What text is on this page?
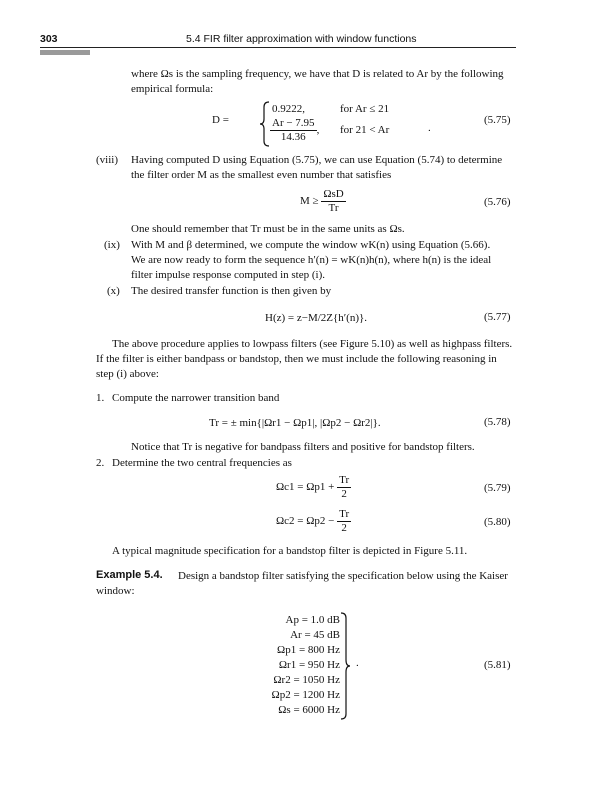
303	5.4 FIR filter approximation with window functions
where Ωs is the sampling frequency, we have that D is related to Ar by the following
empirical formula:
D =
0.9222,	for Ar ≤ 21
$\frac{Ar - 7.95}{14.36}$ , for 21 < Ar	.
(5.75)
(viii) Having computed D using Equation (5.75), we can use Equation (5.74) to determine
the filter order M as the smallest even number that satisfies
$M \ge \frac{\text{ΩsD}}{Tr}$	(5.76)
One should remember that Tr must be in the same units as Ωs.
(ix) With M and β determined, we compute the window wK(n) using Equation (5.66).
We are now ready to form the sequence h′(n) = wK(n)h(n), where h(n) is the ideal
filter impulse response computed in step (i).
(x) The desired transfer function is then given by
H(z) = z−M/2Z{h′(n)}.	(5.77)
The above procedure applies to lowpass filters (see Figure 5.10) as well as highpass filters.
If the filter is either bandpass or bandstop, then we must include the following reasoning in
step (i) above:
1. Compute the narrower transition band
Tr = ± min{|Ωr1 − Ωp1|, |Ωp2 − Ωr2|}.	(5.78)
Notice that Tr is negative for bandpass filters and positive for bandstop filters.
2. Determine the two central frequencies as
$\Omega c1 = \Omega p1 + \frac{Tr}{2}$	(5.79)
$\Omega c2 = \Omega p2 - \frac{Tr}{2}$	(5.80)
A typical magnitude specification for a bandstop filter is depicted in Figure 5.11.
Example 5.4. Design a bandstop filter satisfying the specification below using the Kaiser
window:
Ap = 1.0 dB
Ar = 45 dB
Ωp1 = 800 Hz
Ωr1 = 950 Hz
Ωr2 = 1050 Hz
Ωp2 = 1200 Hz
Ωs = 6000 Hz
.	(5.81)
